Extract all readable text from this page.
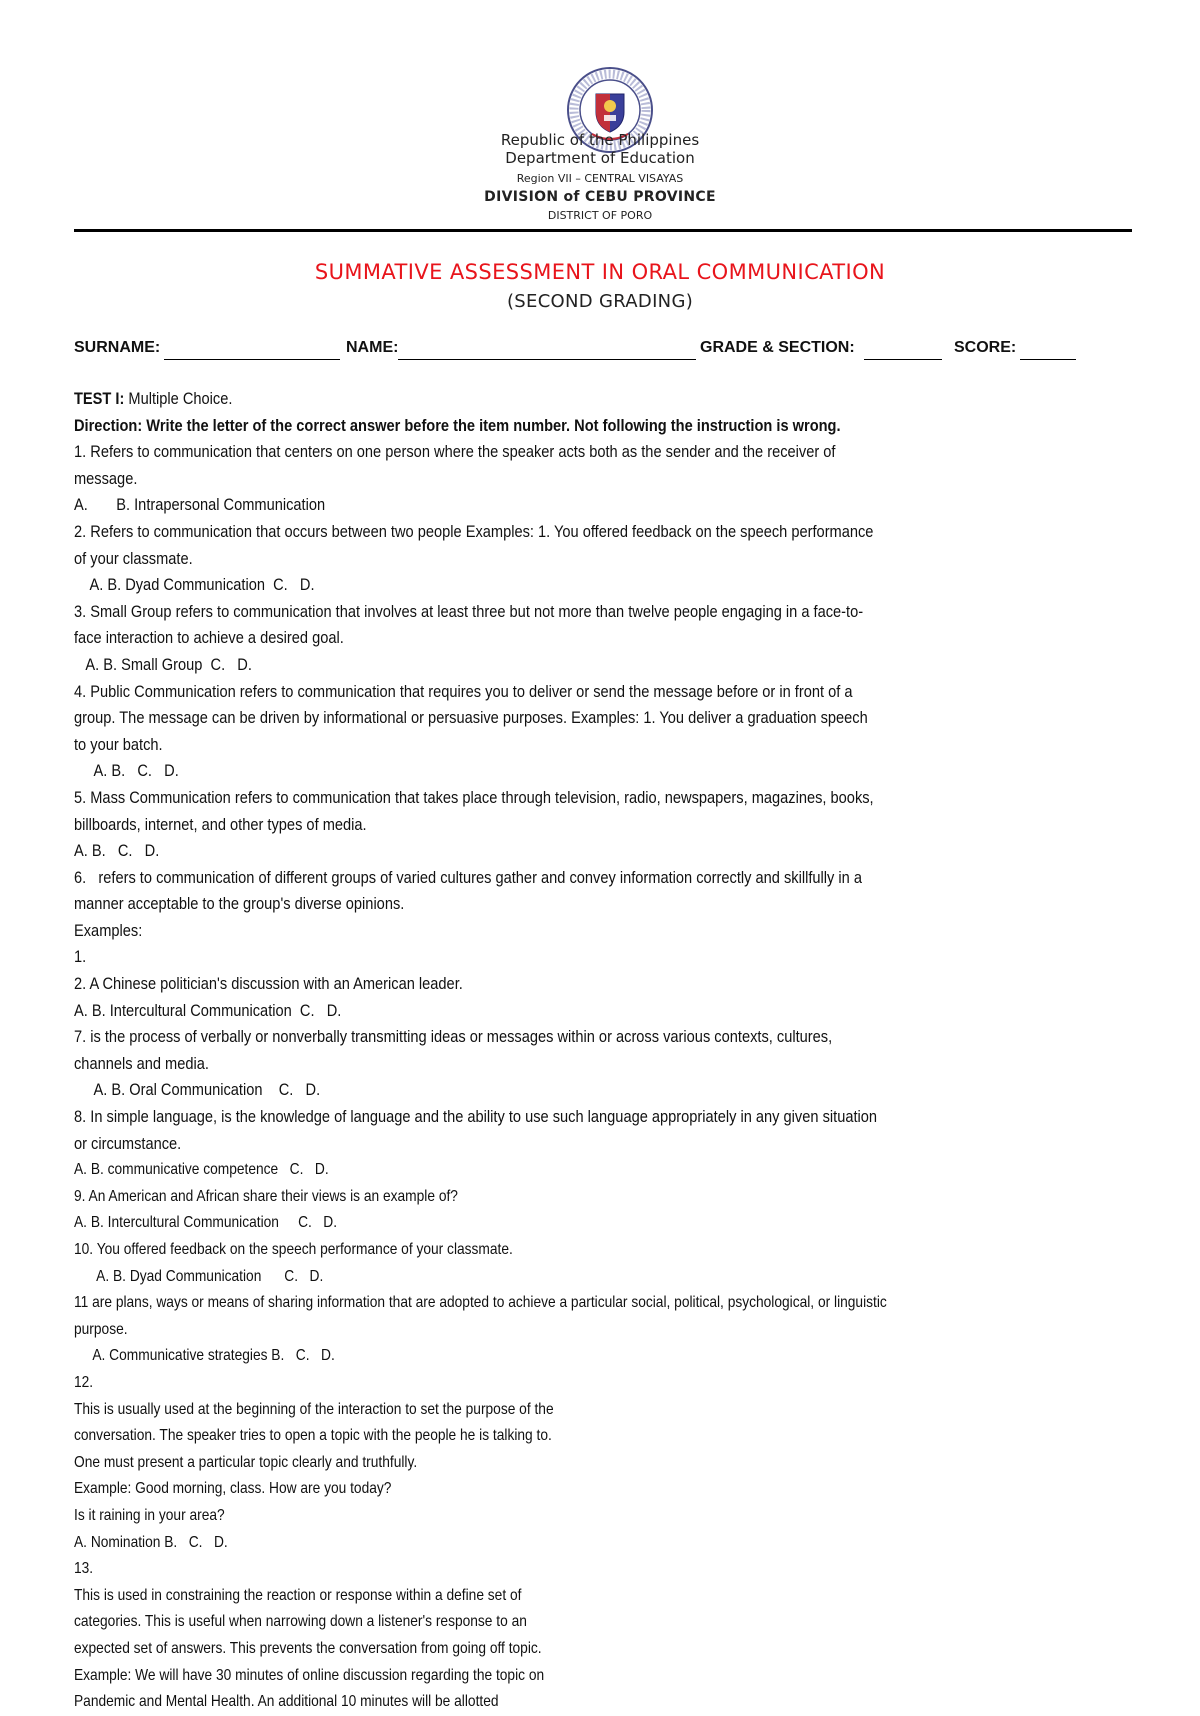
Republic of the Philippines
Department of Education
Region VII – CENTRAL VISAYAS
DIVISION of CEBU PROVINCE
DISTRICT OF PORO
SUMMATIVE ASSESSMENT IN ORAL COMMUNICATION
(SECOND GRADING)
SURNAME:	NAME:	GRADE & SECTION:	SCORE:
TEST I: Multiple Choice.
Direction: Write the letter of the correct answer before the item number. Not following the instruction is wrong.
1. Refers to communication that centers on one person where the speaker acts both as the sender and the receiver of
message.
A.       B. Intrapersonal Communication
2. Refers to communication that occurs between two people Examples: 1. You offered feedback on the speech performance
of your classmate.
A. B. Dyad Communication  C.   D.
3. Small Group refers to communication that involves at least three but not more than twelve people engaging in a face-to-
face interaction to achieve a desired goal.
A. B. Small Group  C.   D.
4. Public Communication refers to communication that requires you to deliver or send the message before or in front of a
group. The message can be driven by informational or persuasive purposes. Examples: 1. You deliver a graduation speech
to your batch.
A. B.   C.   D.
5. Mass Communication refers to communication that takes place through television, radio, newspapers, magazines, books,
billboards, internet, and other types of media.
A. B.   C.   D.
6.   refers to communication of different groups of varied cultures gather and convey information correctly and skillfully in a
manner acceptable to the group's diverse opinions.
Examples:
1.
2. A Chinese politician's discussion with an American leader.
A. B. Intercultural Communication  C.   D.
7. is the process of verbally or nonverbally transmitting ideas or messages within or across various contexts, cultures,
channels and media.
A. B. Oral Communication    C.   D.
8. In simple language, is the knowledge of language and the ability to use such language appropriately in any given situation
or circumstance.
A. B. communicative competence   C.   D.
9. An American and African share their views is an example of?
A. B. Intercultural Communication     C.   D.
10. You offered feedback on the speech performance of your classmate.
A. B. Dyad Communication      C.   D.
11 are plans, ways or means of sharing information that are adopted to achieve a particular social, political, psychological, or linguistic
purpose.
A. Communicative strategies B.   C.   D.
12.
This is usually used at the beginning of the interaction to set the purpose of the
conversation. The speaker tries to open a topic with the people he is talking to.
One must present a particular topic clearly and truthfully.
Example: Good morning, class. How are you today?
Is it raining in your area?
A. Nomination B.   C.   D.
13.
This is used in constraining the reaction or response within a define set of
categories. This is useful when narrowing down a listener's response to an
expected set of answers. This prevents the conversation from going off topic.
Example: We will have 30 minutes of online discussion regarding the topic on
Pandemic and Mental Health. An additional 10 minutes will be allotted
